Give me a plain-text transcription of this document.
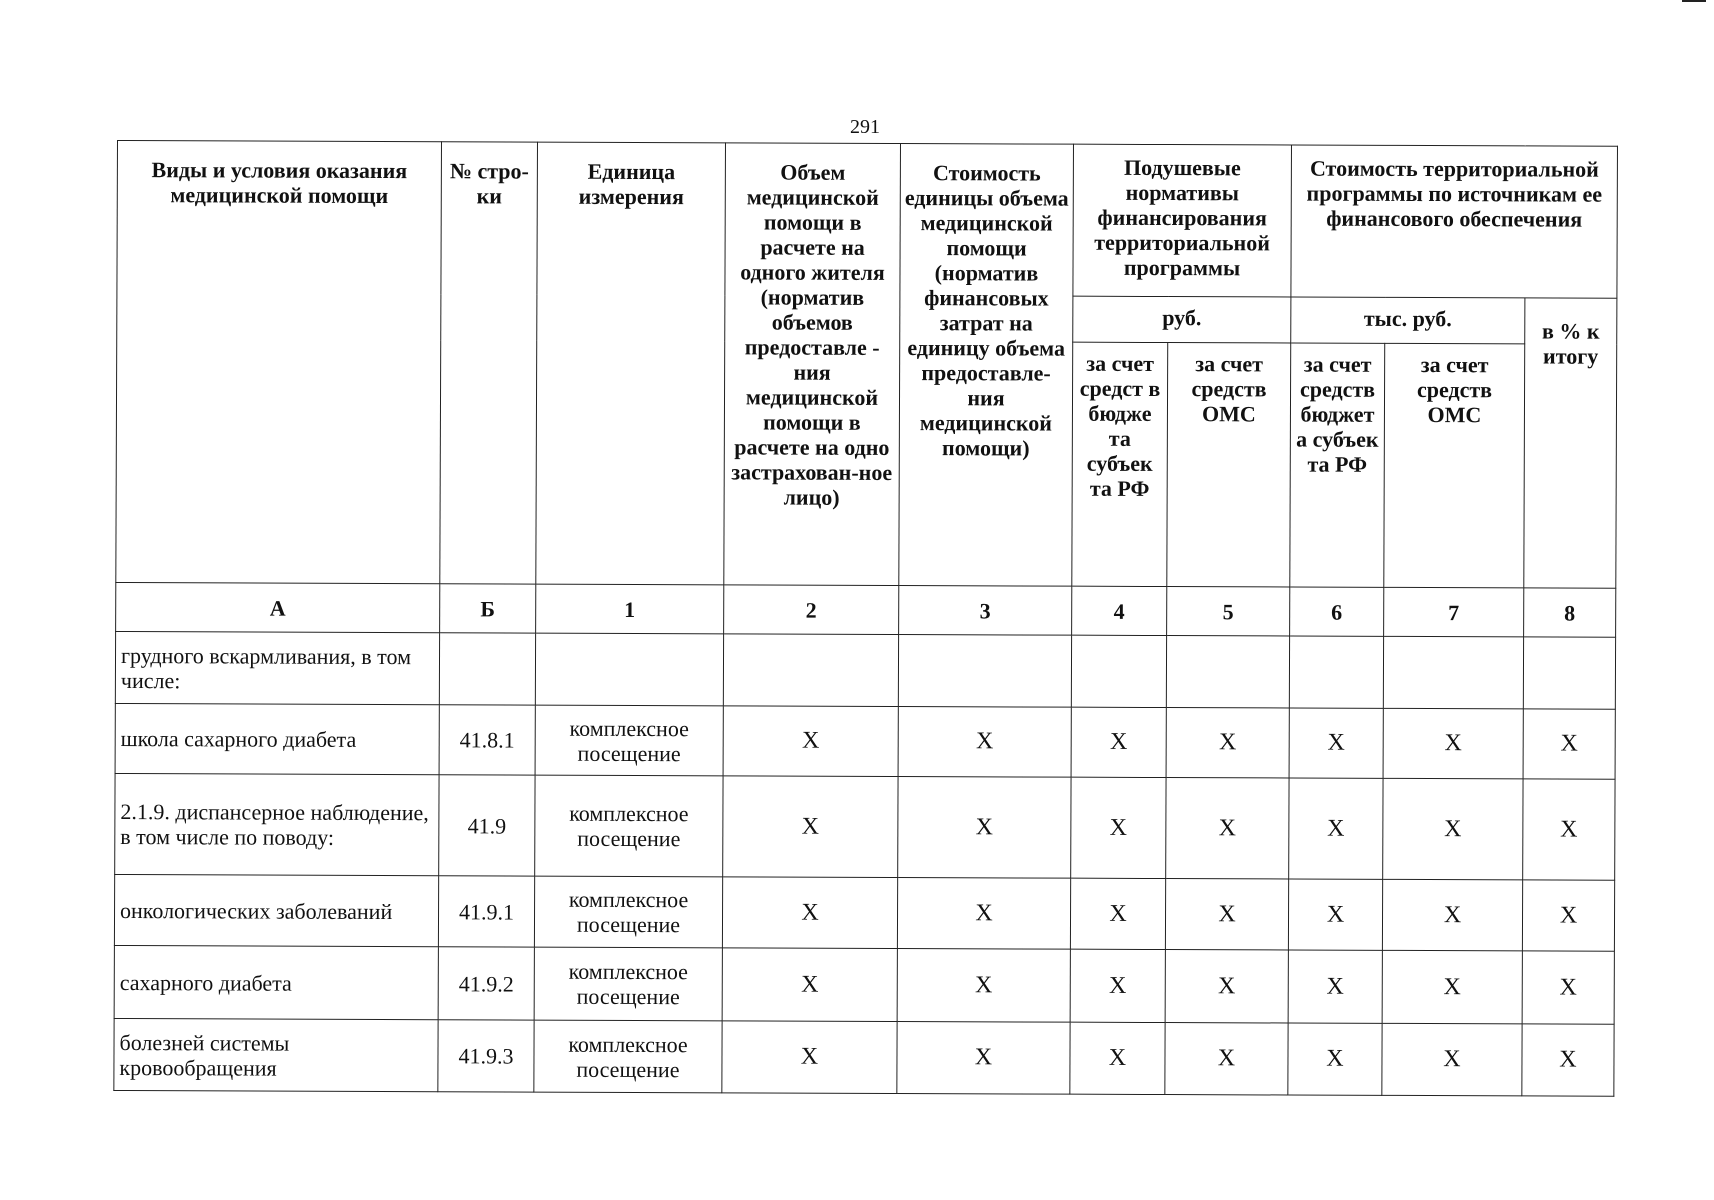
291
Виды и условия оказания медицинской помощи	№ стро-ки	Единица измерения	Объем медицинской помощи в расчете на одного жителя (норматив объемов предоставле - ния медицинской помощи в расчете на одно застрахован-ное лицо)	Стоимость единицы объема медицинской помощи (норматив финансовых затрат на единицу объема предоставле-ния медицинской помощи)	Подушевые нормативы финансирования территориальной программы		Стоимость территориальной программы по источникам ее финансового обеспечения		
					руб.		тыс. руб.		в % к итогу
					за счет средст в бюдже та субъек та РФ	за счет средств ОМС	за счет средств бюджет а субъек та РФ	за счет средств ОМС	
А	Б	1	2	3	4	5	6	7	8
грудного вскармливания, в том числе:									
школа сахарного диабета	41.8.1	комплексное посещение	Х	Х	Х	Х	Х	Х	Х
2.1.9. диспансерное наблюдение, в том числе по поводу:	41.9	комплексное посещение	Х	Х	Х	Х	Х	Х	Х
онкологических заболеваний	41.9.1	комплексное посещение	Х	Х	Х	Х	Х	Х	Х
сахарного диабета	41.9.2	комплексное посещение	Х	Х	Х	Х	Х	Х	Х
болезней системы кровообращения	41.9.3	комплексное посещение	Х	Х	Х	Х	Х	Х	Х
